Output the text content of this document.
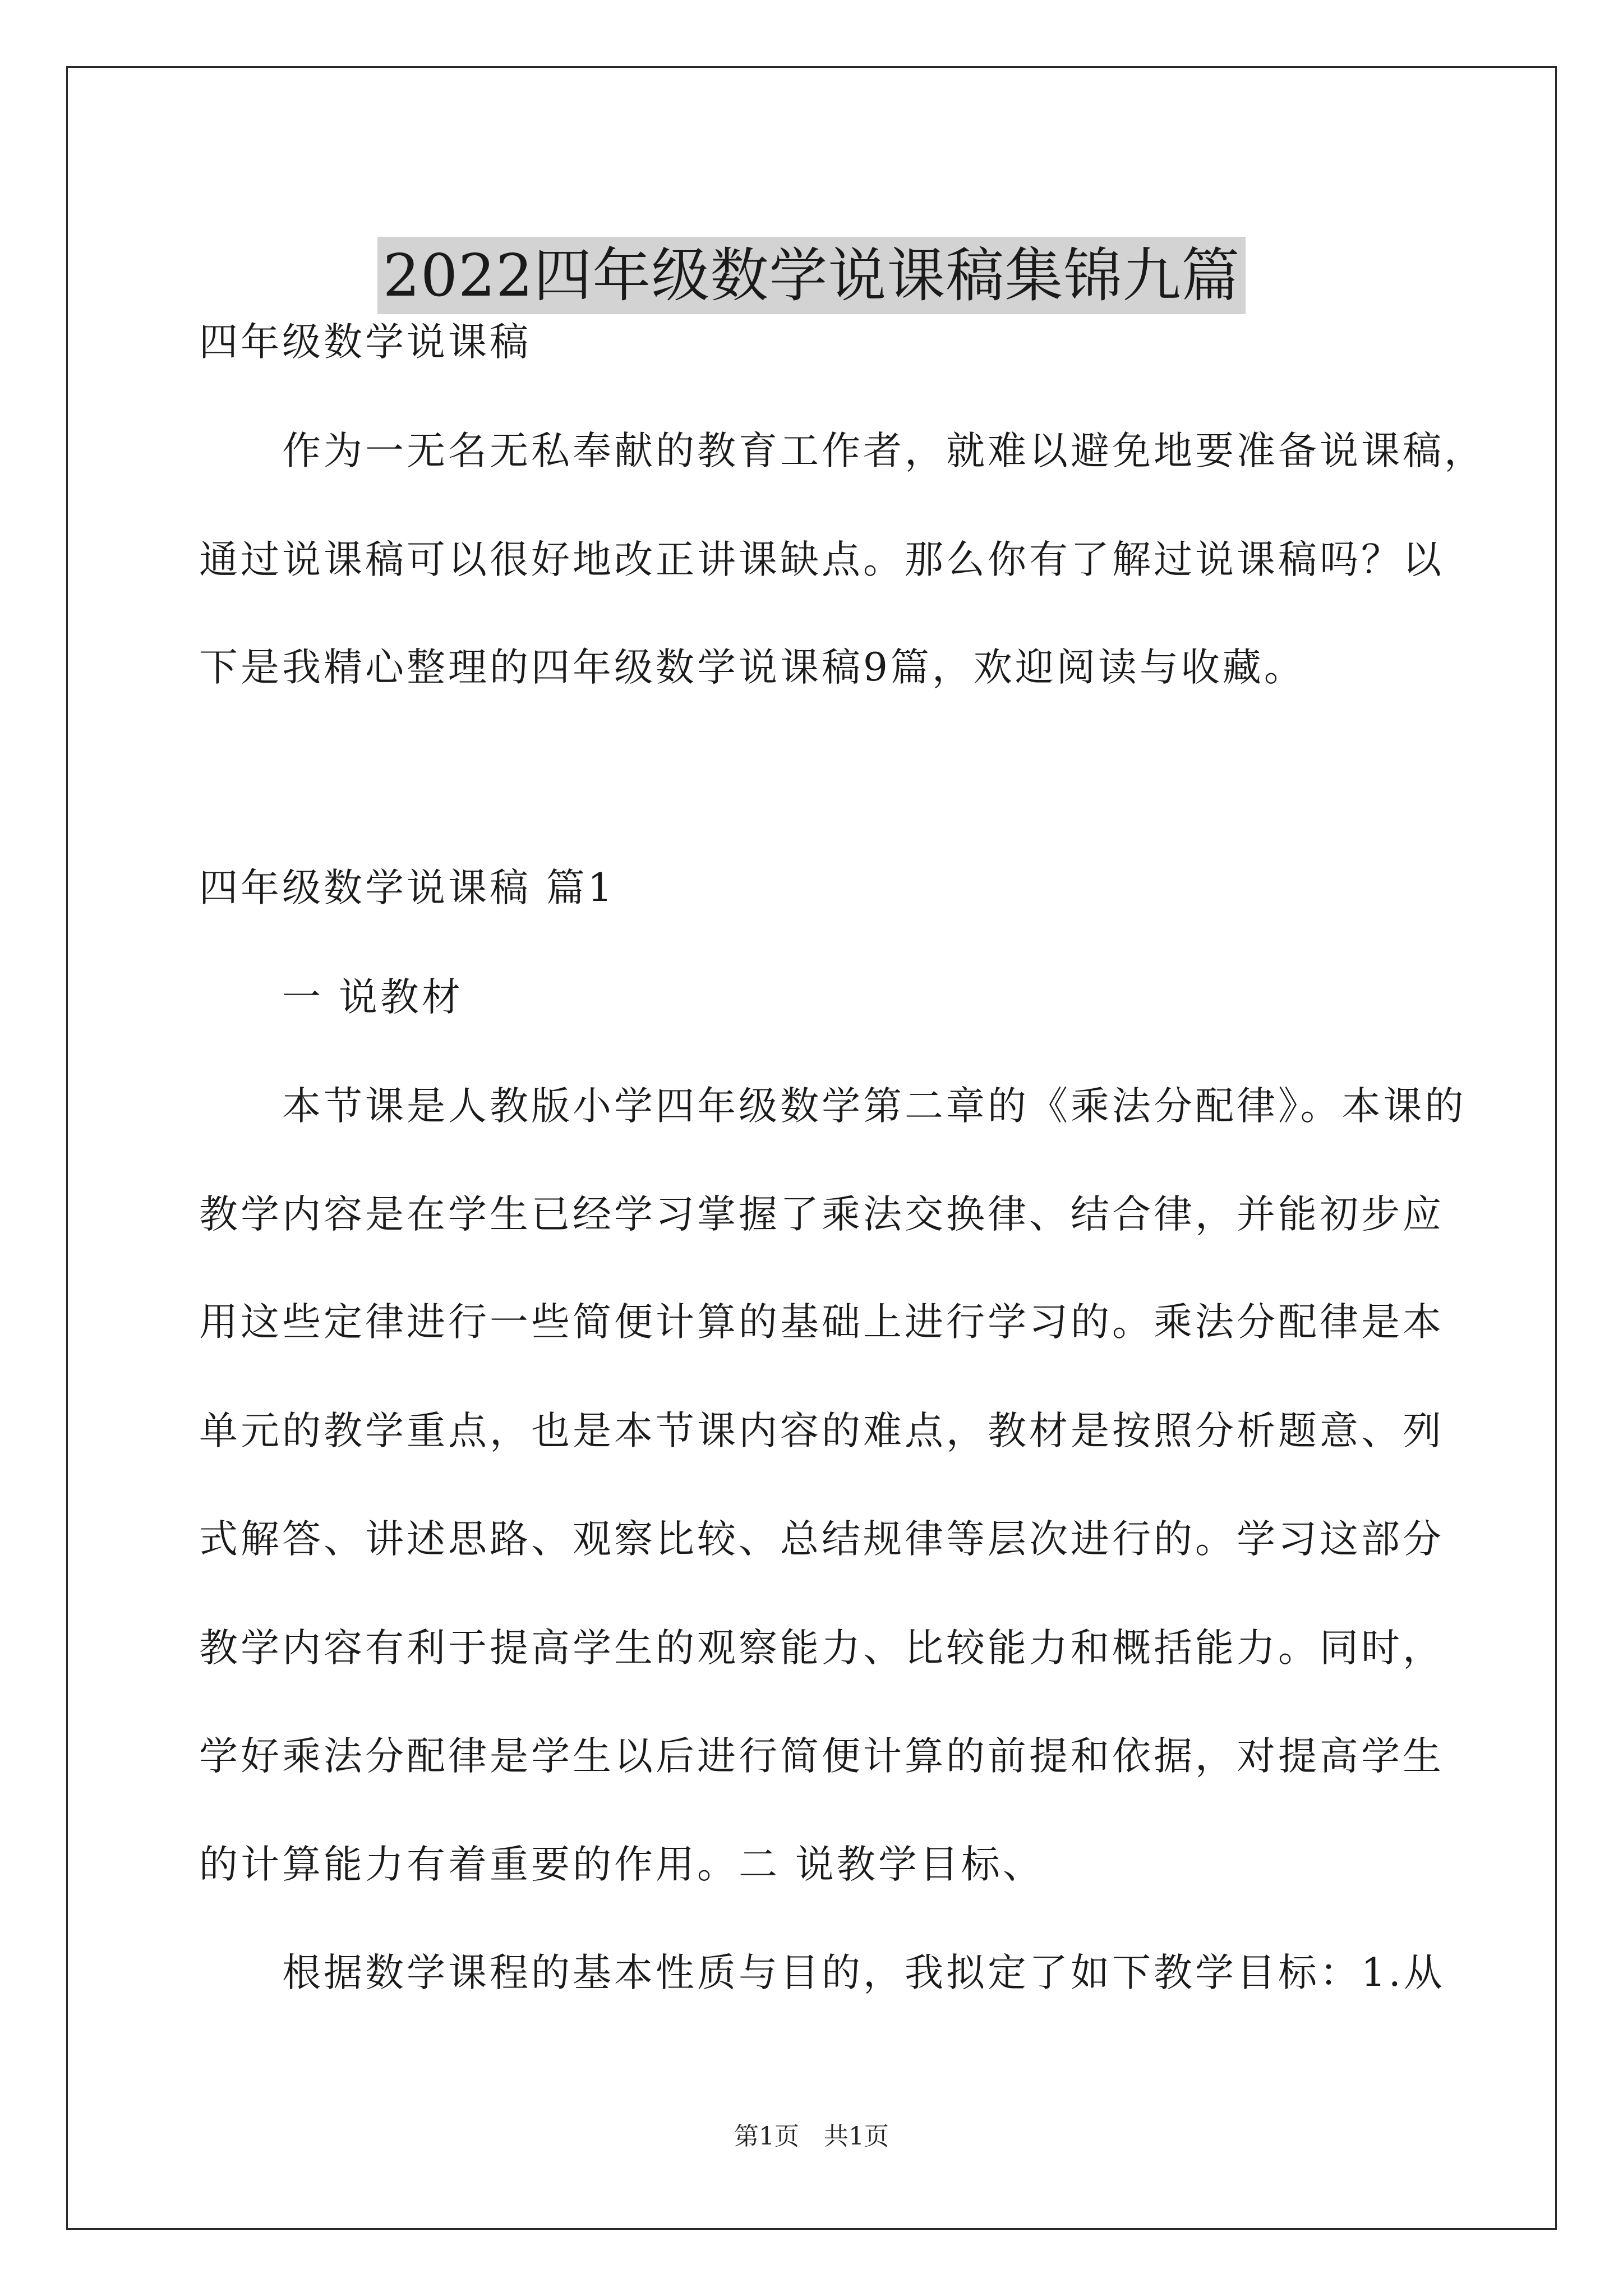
2022四年级数学说课稿集锦九篇
四年级数学说课稿
　　作为一无名无私奉献的教育工作者，就难以避免地要准备说课稿，
通过说课稿可以很好地改正讲课缺点。那么你有了解过说课稿吗？以
下是我精心整理的四年级数学说课稿9篇，欢迎阅读与收藏。
四年级数学说课稿 篇1
　　一 说教材
　　本节课是人教版小学四年级数学第二章的《乘法分配律》。本课的
教学内容是在学生已经学习掌握了乘法交换律、结合律，并能初步应
用这些定律进行一些简便计算的基础上进行学习的。乘法分配律是本
单元的教学重点，也是本节课内容的难点，教材是按照分析题意、列
式解答、讲述思路、观察比较、总结规律等层次进行的。学习这部分
教学内容有利于提高学生的观察能力、比较能力和概括能力。同时，
学好乘法分配律是学生以后进行简便计算的前提和依据，对提高学生
的计算能力有着重要的作用。二 说教学目标、
　　根据数学课程的基本性质与目的，我拟定了如下教学目标：1.从
第1页　共1页
